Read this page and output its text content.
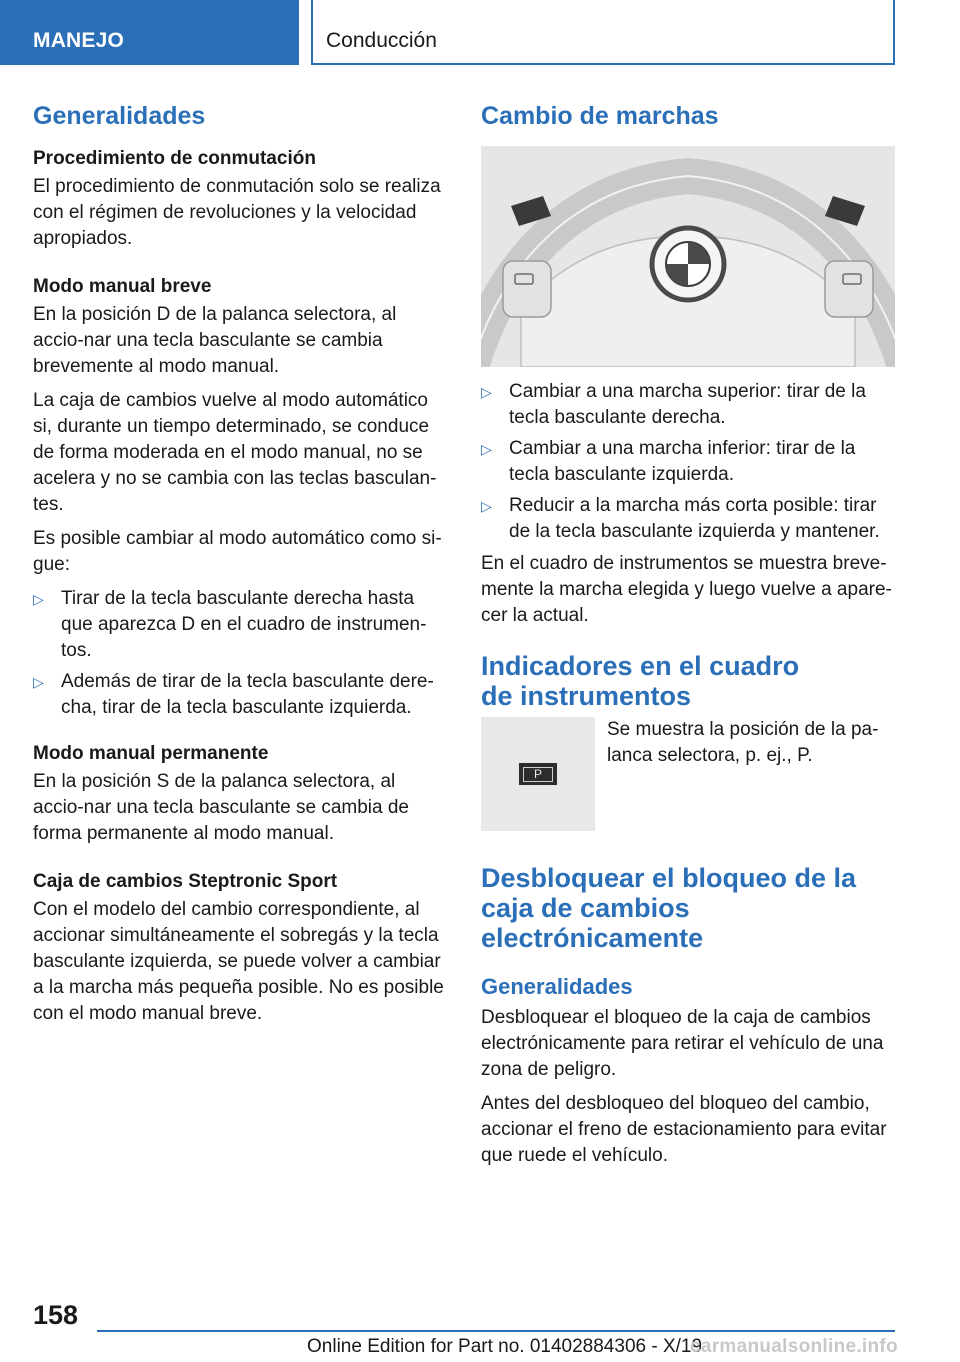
MANEJO	Conducción
Generalidades
Procedimiento de conmutación

El procedimiento de conmutación solo se realiza con el régimen de revoluciones y la velocidad apropiados.

Modo manual breve

En la posición D de la palanca selectora, al accio-nar una tecla basculante se cambia brevemente al modo manual.

La caja de cambios vuelve al modo automático si, durante un tiempo determinado, se conduce de forma moderada en el modo manual, no se acelera y no se cambia con las teclas basculan-tes.

Es posible cambiar al modo automático como si-gue:

▷ Tirar de la tecla basculante derecha hasta que aparezca D en el cuadro de instrumen-tos.
▷ Además de tirar de la tecla basculante dere-cha, tirar de la tecla basculante izquierda.
Modo manual permanente

En la posición S de la palanca selectora, al accio-nar una tecla basculante se cambia de forma permanente al modo manual.

Caja de cambios Steptronic Sport

Con el modelo del cambio correspondiente, al accionar simultáneamente el sobregás y la tecla basculante izquierda, se puede volver a cambiar a la marcha más pequeña posible. No es posible con el modo manual breve.

Cambio de marchas
▷ Cambiar a una marcha superior: tirar de la tecla basculante derecha.
▷ Cambiar a una marcha inferior: tirar de la tecla basculante izquierda.
▷ Reducir a la marcha más corta posible: tirar de la tecla basculante izquierda y mantener.

En el cuadro de instrumentos se muestra breve-mente la marcha elegida y luego vuelve a apare-cer la actual.

Indicadores en el cuadro
de instrumentos
P
Se muestra la posición de la pa-lanca selectora, p. ej., P.
Desbloquear el bloqueo de la
caja de cambios
electrónicamente
Generalidades

Desbloquear el bloqueo de la caja de cambios electrónicamente para retirar el vehículo de una zona de peligro.

Antes del desbloqueo del bloqueo del cambio, accionar el freno de estacionamiento para evitar que ruede el vehículo.

158
Online Edition for Part no. 01402884306 - X/19
carmanualsonline.info
